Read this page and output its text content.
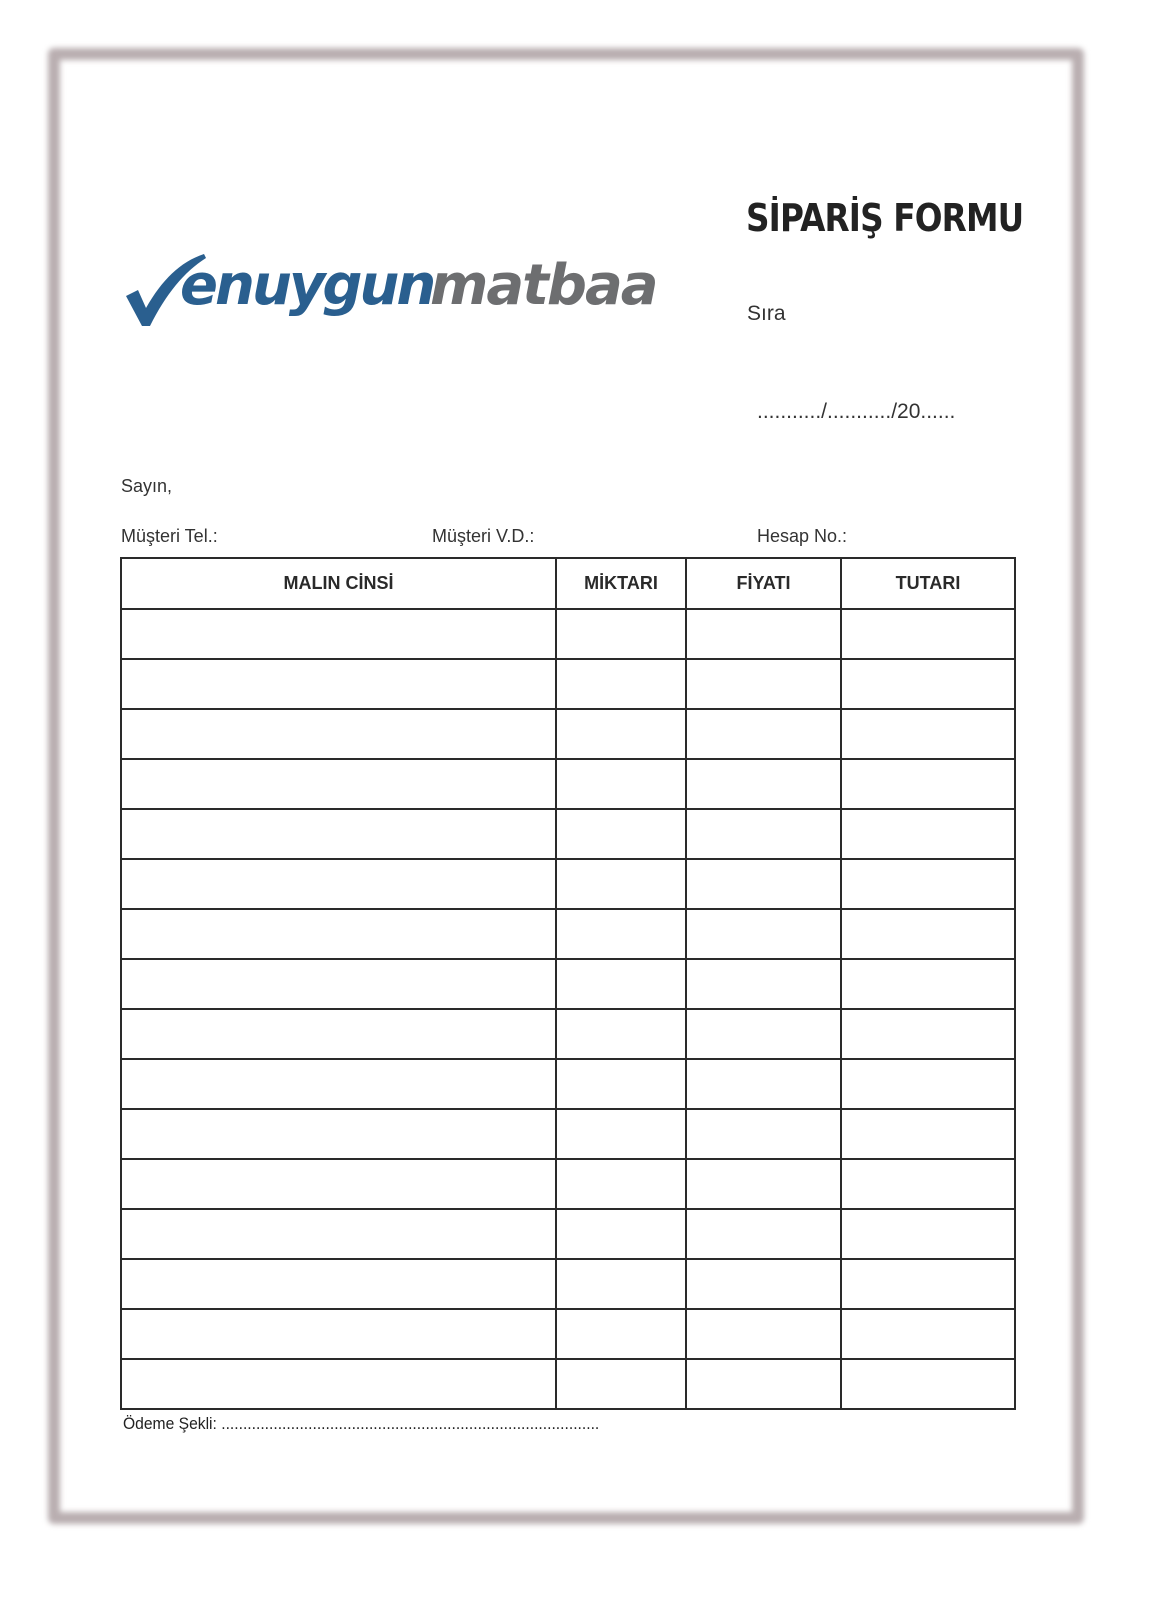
en uygun
matbaa
SİPARİŞ FORMU
Sıra
.........../.........../20......
Sayın,
Müşteri Tel.:	Müşteri V.D.:	Hesap No.:
MALIN CİNSİ	MİKTARI	FİYATI	TUTARI

Ödeme Şekli: .......................................................................................
